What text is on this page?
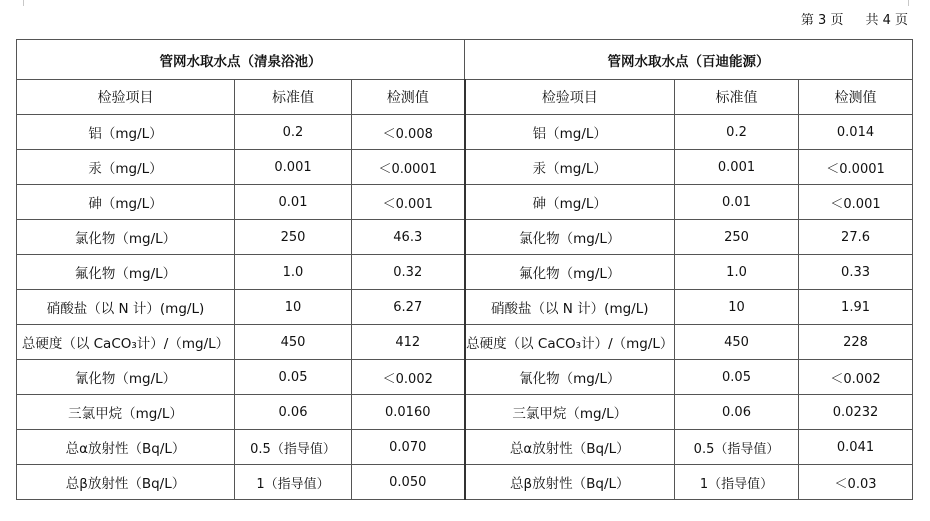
第 3 页 共 4 页
管网水取水点（清泉浴池）			管网水取水点（百迪能源）		
检验项目	标准值	检测值	检验项目	标准值	检测值
铝（mg/L）	0.2	＜0.008	铝（mg/L）	0.2	0.014
汞（mg/L）	0.001	＜0.0001	汞（mg/L）	0.001	＜0.0001
砷（mg/L）	0.01	＜0.001	砷（mg/L）	0.01	＜0.001
氯化物（mg/L）	250	46.3	氯化物（mg/L）	250	27.6
氟化物（mg/L）	1.0	0.32	氟化物（mg/L）	1.0	0.33
硝酸盐（以 N 计）(mg/L)	10	6.27	硝酸盐（以 N 计）(mg/L)	10	1.91
总硬度（以 CaCO₃计）/（mg/L）	450	412	总硬度（以 CaCO₃计）/（mg/L）	450	228
氰化物（mg/L）	0.05	＜0.002	氰化物（mg/L）	0.05	＜0.002
三氯甲烷（mg/L）	0.06	0.0160	三氯甲烷（mg/L）	0.06	0.0232
总α放射性（Bq/L）	0.5（指导值）	0.070	总α放射性（Bq/L）	0.5（指导值）	0.041
总β放射性（Bq/L）	1（指导值）	0.050	总β放射性（Bq/L）	1（指导值）	＜0.03
